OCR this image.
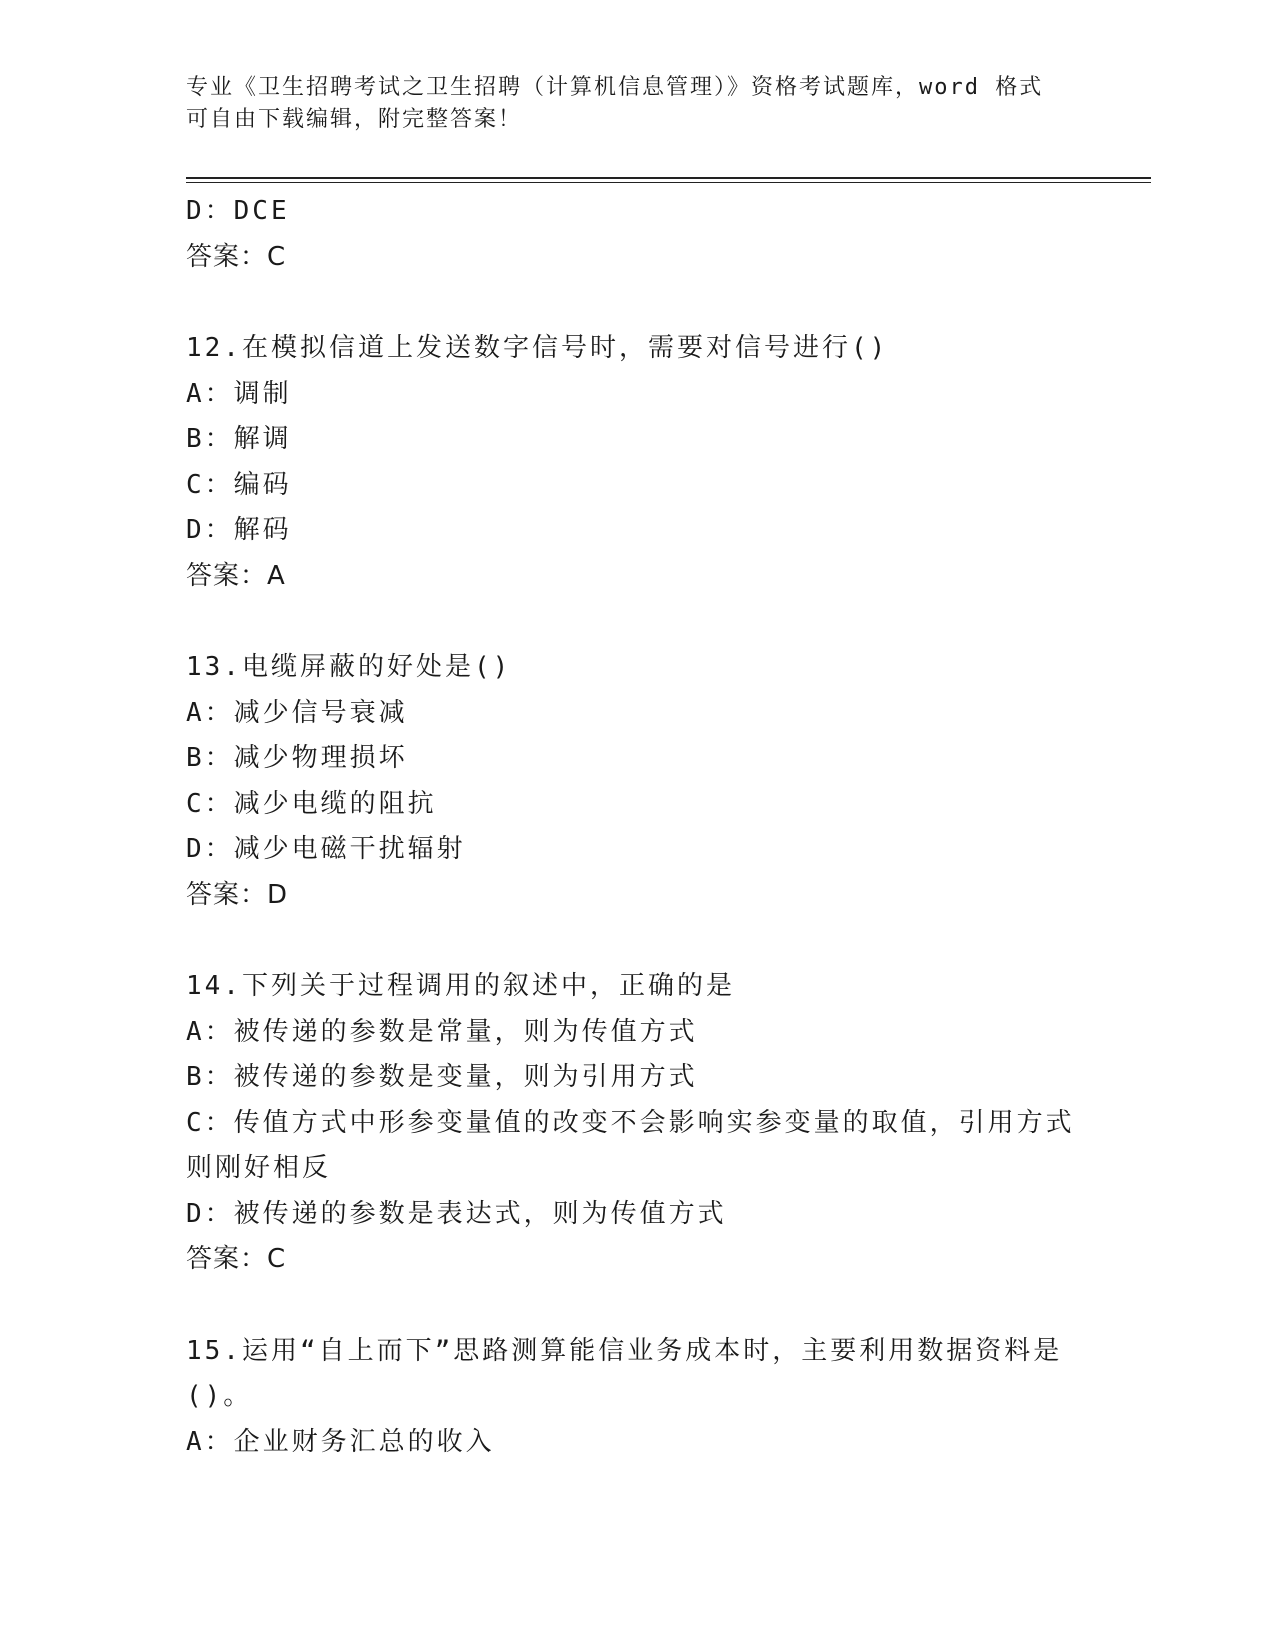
专业《卫生招聘考试之卫生招聘（计算机信息管理）》资格考试题库，word 格式
可自由下载编辑，附完整答案！
D：DCE
答案：C
12.在模拟信道上发送数字信号时，需要对信号进行()
A：调制
B：解调
C：编码
D：解码
答案：A
13.电缆屏蔽的好处是()
A：减少信号衰减
B：减少物理损坏
C：减少电缆的阻抗
D：减少电磁干扰辐射
答案：D
14.下列关于过程调用的叙述中，正确的是
A：被传递的参数是常量，则为传值方式
B：被传递的参数是变量，则为引用方式
C：传值方式中形参变量值的改变不会影响实参变量的取值，引用方式则刚好相反
D：被传递的参数是表达式，则为传值方式
答案：C
15.运用“自上而下”思路测算能信业务成本时，主要利用数据资料是()。
A：企业财务汇总的收入
